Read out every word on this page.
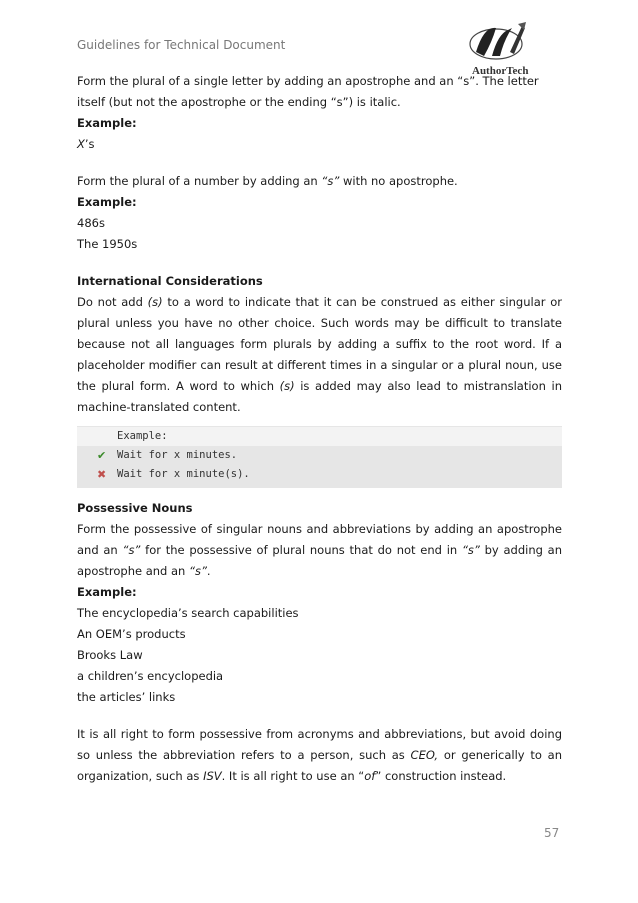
Guidelines for Technical Document
AuthorTech

Form the plural of a single letter by adding an apostrophe and an “s”. The letter itself (but not the apostrophe or the ending “s”) is italic.

Example:

X’s

Form the plural of a number by adding an “s” with no apostrophe.

Example:

486s

The 1950s

International Considerations

Do not add (s) to a word to indicate that it can be construed as either singular or plural unless you have no other choice. Such words may be difficult to translate because not all languages form plurals by adding a suffix to the root word. If a placeholder modifier can result at different times in a singular or a plural noun, use the plural form. A word to which (s) is added may also lead to mistranslation in machine-translated content.

Example:
✔ Wait for x minutes.
✖ Wait for x minute(s).

Possessive Nouns

Form the possessive of singular nouns and abbreviations by adding an apostrophe and an “s” for the possessive of plural nouns that do not end in “s” by adding an apostrophe and an “s”.

Example:

The encyclopedia’s search capabilities

An OEM’s products

Brooks Law

a children’s encyclopedia

the articles’ links

It is all right to form possessive from acronyms and abbreviations, but avoid doing so unless the abbreviation refers to a person, such as CEO, or generically to an organization, such as ISV. It is all right to use an “of” construction instead.

57
